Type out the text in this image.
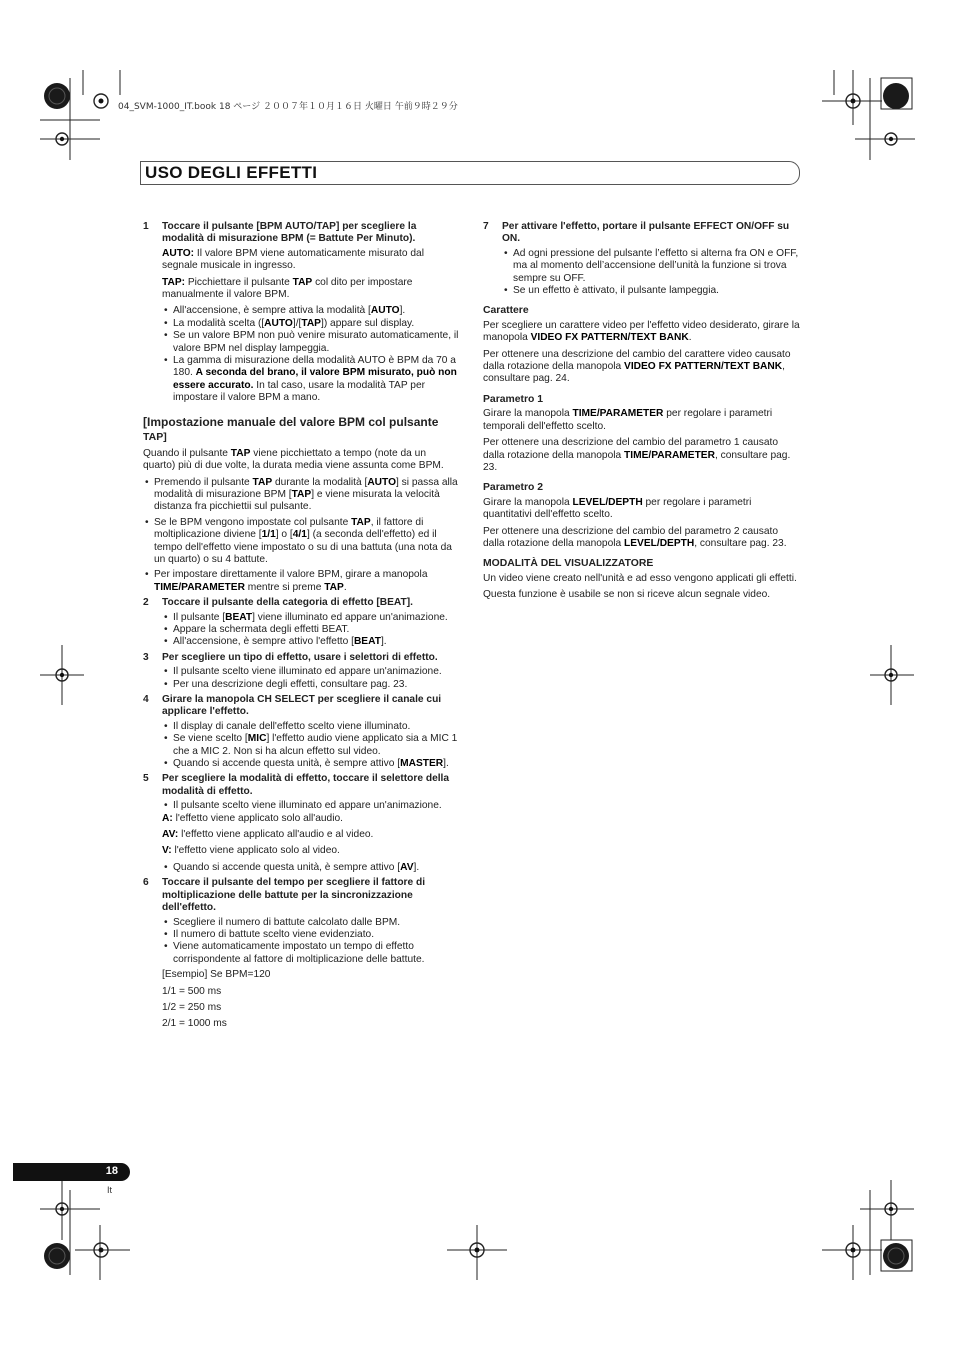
04_SVM-1000_IT.book 18 ページ ２００７年１０月１６日 火曜日 午前９時２９分
USO DEGLI EFFETTI
1 Toccare il pulsante [BPM AUTO/TAP] per scegliere la modalità di misurazione BPM (= Battute Per Minuto).

AUTO: Il valore BPM viene automaticamente misurato dal segnale musicale in ingresso.

TAP: Picchiettare il pulsante TAP col dito per impostare manualmente il valore BPM.

• All'accensione, è sempre attiva la modalità [AUTO].
• La modalità scelta ([AUTO]/[TAP]) appare sul display.
• Se un valore BPM non può venire misurato automaticamente, il valore BPM nel display lampeggia.
• La gamma di misurazione della modalità AUTO è BPM da 70 a 180. A seconda del brano, il valore BPM misurato, può non essere accurato. In tal caso, usare la modalità TAP per impostare il valore BPM a mano.
[Impostazione manuale del valore BPM col pulsante
TAP]

Quando il pulsante TAP viene picchiettato a tempo (note da un quarto) più di due volte, la durata media viene assunta come BPM.

• Premendo il pulsante TAP durante la modalità [AUTO] si passa alla modalità di misurazione BPM [TAP] e viene misurata la velocità distanza fra picchiettii sul pulsante.
• Se le BPM vengono impostate col pulsante TAP, il fattore di moltiplicazione diviene [1/1] o [4/1] (a seconda dell'effetto) ed il tempo dell'effetto viene impostato o su di una battuta (una nota da un quarto) o su 4 battute.
• Per impostare direttamente il valore BPM, girare a manopola TIME/PARAMETER mentre si preme TAP.
2 Toccare il pulsante della categoria di effetto [BEAT].
• Il pulsante [BEAT] viene illuminato ed appare un'animazione.
• Appare la schermata degli effetti BEAT.
• All'accensione, è sempre attivo l'effetto [BEAT].
3 Per scegliere un tipo di effetto, usare i selettori di effetto.
• Il pulsante scelto viene illuminato ed appare un'animazione.
• Per una descrizione degli effetti, consultare pag. 23.
4 Girare la manopola CH SELECT per scegliere il canale cui applicare l'effetto.
• Il display di canale dell'effetto scelto viene illuminato.
• Se viene scelto [MIC] l'effetto audio viene applicato sia a MIC 1 che a MIC 2. Non si ha alcun effetto sul video.
• Quando si accende questa unità, è sempre attivo [MASTER].
5 Per scegliere la modalità di effetto, toccare il selettore della modalità di effetto.
• Il pulsante scelto viene illuminato ed appare un'animazione.

A: l'effetto viene applicato solo all'audio.

AV: l'effetto viene applicato all'audio e al video.

V: l'effetto viene applicato solo al video.

• Quando si accende questa unità, è sempre attivo [AV].
6 Toccare il pulsante del tempo per scegliere il fattore di moltiplicazione delle battute per la sincronizzazione dell'effetto.
• Scegliere il numero di battute calcolato dalle BPM.
• Il numero di battute scelto viene evidenziato.
• Viene automaticamente impostato un tempo di effetto corrispondente al fattore di moltiplicazione delle battute.

[Esempio] Se BPM=120

1/1 = 500 ms

1/2 = 250 ms

2/1 = 1000 ms

7 Per attivare l'effetto, portare il pulsante EFFECT ON/OFF su ON.
• Ad ogni pressione del pulsante l’effetto si alterna fra ON e OFF, ma al momento dell’accensione dell’unità la funzione si trova sempre su OFF.
• Se un effetto è attivato, il pulsante lampeggia.
Carattere

Per scegliere un carattere video per l'effetto video desiderato, girare la manopola VIDEO FX PATTERN/TEXT BANK.

Per ottenere una descrizione del cambio del carattere video causato dalla rotazione della manopola VIDEO FX PATTERN/TEXT BANK, consultare pag. 24.

Parametro 1

Girare la manopola TIME/PARAMETER per regolare i parametri temporali dell'effetto scelto.

Per ottenere una descrizione del cambio del parametro 1 causato dalla rotazione della manopola TIME/PARAMETER, consultare pag. 23.

Parametro 2

Girare la manopola LEVEL/DEPTH per regolare i parametri quantitativi dell'effetto scelto.

Per ottenere una descrizione del cambio del parametro 2 causato dalla rotazione della manopola LEVEL/DEPTH, consultare pag. 23.

MODALITÀ DEL VISUALIZZATORE

Un video viene creato nell'unità e ad esso vengono applicati gli effetti.

Questa funzione è usabile se non si riceve alcun segnale video.

18
It
